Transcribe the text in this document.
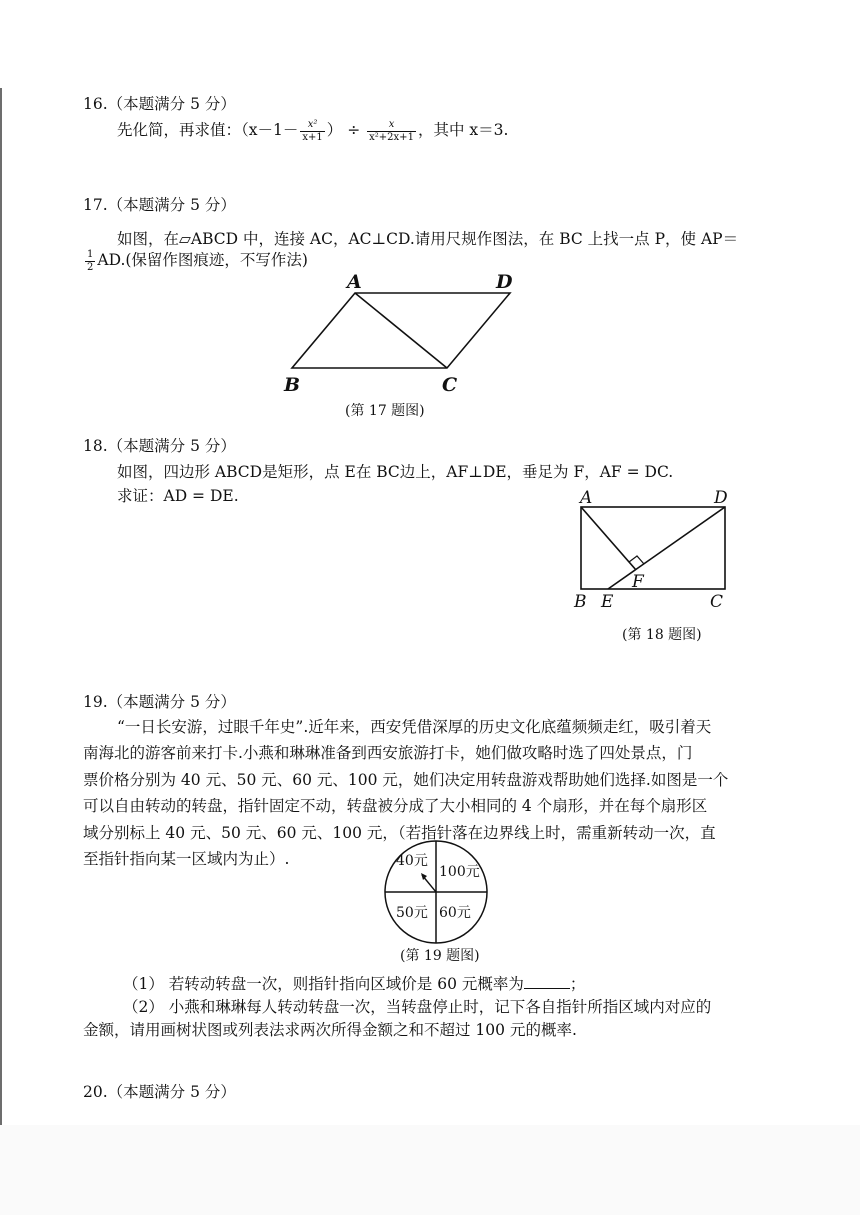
16.（本题满分 5 分）
先化简，再求值：（$x-1- \frac{\text{x²}}{x+1}$ ） ÷ $\frac{x}{\text{x²+2x+1}}$ ，其中 x＝3.
17.（本题满分 5 分）
如图，在▱ABCD 中，连接 AC，AC⊥CD.请用尺规作图法，在 BC 上找一点 P，使 AP＝
$\frac{1}{2} AD$.(保留作图痕迹，不写作法)
A	D
B	C
(第 17 题图)
18.（本题满分 5 分）
如图，四边形 ABCD是矩形，点 E在 BC边上，AF⊥DE，垂足为 F，AF = DC.
求证：AD = DE.	A	D
B E	C
F
(第 18 题图)
19.（本题满分 5 分）
“一日长安游，过眼千年史”.近年来，西安凭借深厚的历史文化底蕴频频走红，吸引着天
南海北的游客前来打卡.小燕和琳琳准备到西安旅游打卡，她们做攻略时选了四处景点，门
票价格分别为 40 元、50 元、60 元、100 元，她们决定用转盘游戏帮助她们选择.如图是一个
可以自由转动的转盘，指针固定不动，转盘被分成了大小相同的 4 个扇形，并在每个扇形区
域分别标上 40 元、50 元、60 元、100 元，（若指针落在边界线上时，需重新转动一次，直
至指针指向某一区域内为止）.	40元
100元
50元 60元
(第 19 题图)
（1） 若转动转盘一次，则指针指向区域价是 60 元概率为	；
（2） 小燕和琳琳每人转动转盘一次，当转盘停止时，记下各自指针所指区域内对应的
金额，请用画树状图或列表法求两次所得金额之和不超过 100 元的概率.
20.（本题满分 5 分）
